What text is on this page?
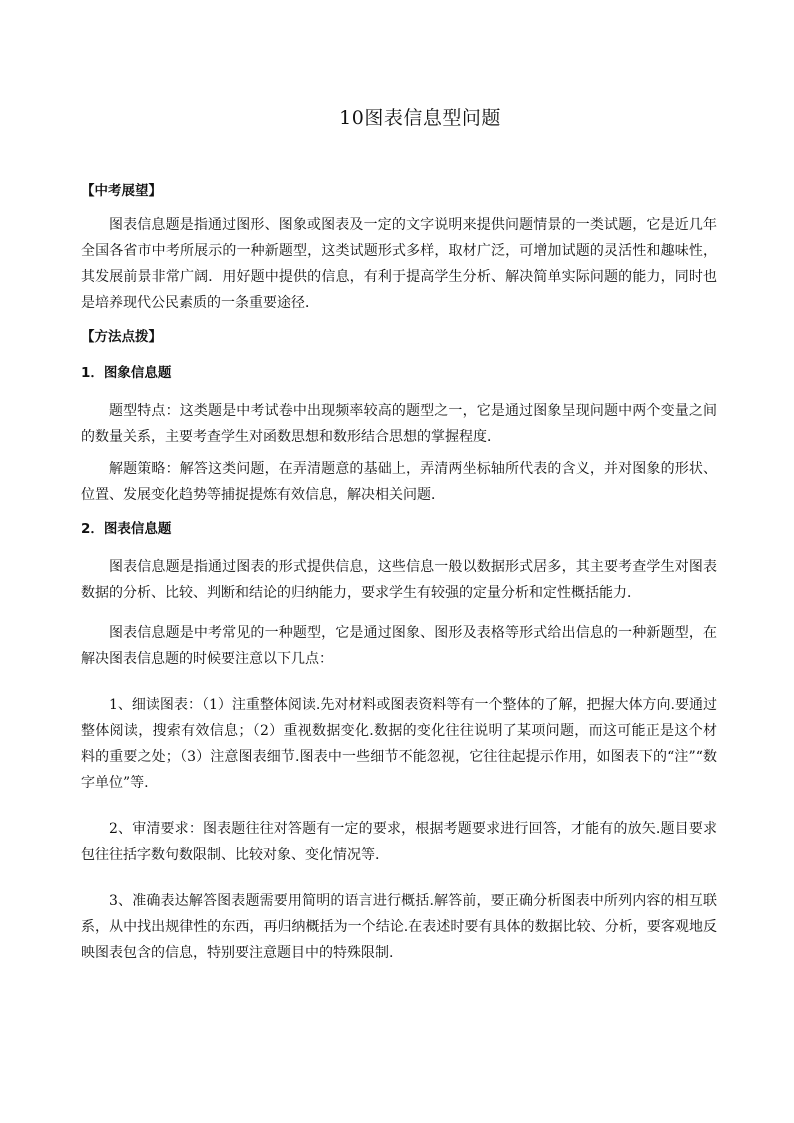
10图表信息型问题

【中考展望】

图表信息题是指通过图形、图象或图表及一定的文字说明来提供问题情景的一类试题，它是近几年全国各省市中考所展示的一种新题型，这类试题形式多样，取材广泛，可增加试题的灵活性和趣味性，其发展前景非常广阔．用好题中提供的信息，有利于提高学生分析、解决简单实际问题的能力，同时也是培养现代公民素质的一条重要途径．

【方法点拨】

1．图象信息题

题型特点：这类题是中考试卷中出现频率较高的题型之一，它是通过图象呈现问题中两个变量之间的数量关系，主要考查学生对函数思想和数形结合思想的掌握程度．

解题策略：解答这类问题，在弄清题意的基础上，弄清两坐标轴所代表的含义，并对图象的形状、位置、发展变化趋势等捕捉提炼有效信息，解决相关问题．

2．图表信息题

图表信息题是指通过图表的形式提供信息，这些信息一般以数据形式居多，其主要考查学生对图表数据的分析、比较、判断和结论的归纳能力，要求学生有较强的定量分析和定性概括能力．

图表信息题是中考常见的一种题型，它是通过图象、图形及表格等形式给出信息的一种新题型，在解决图表信息题的时候要注意以下几点：

1、细读图表：（1）注重整体阅读.先对材料或图表资料等有一个整体的了解，把握大体方向.要通过整体阅读，搜索有效信息；（2）重视数据变化.数据的变化往往说明了某项问题，而这可能正是这个材料的重要之处；（3）注意图表细节.图表中一些细节不能忽视，它往往起提示作用，如图表下的“注”“数字单位”等.

2、审清要求：图表题往往对答题有一定的要求，根据考题要求进行回答，才能有的放矢.题目要求包往往括字数句数限制、比较对象、变化情况等.

3、准确表达解答图表题需要用简明的语言进行概括.解答前，要正确分析图表中所列内容的相互联系，从中找出规律性的东西，再归纳概括为一个结论.在表述时要有具体的数据比较、分析，要客观地反映图表包含的信息，特别要注意题目中的特殊限制.
